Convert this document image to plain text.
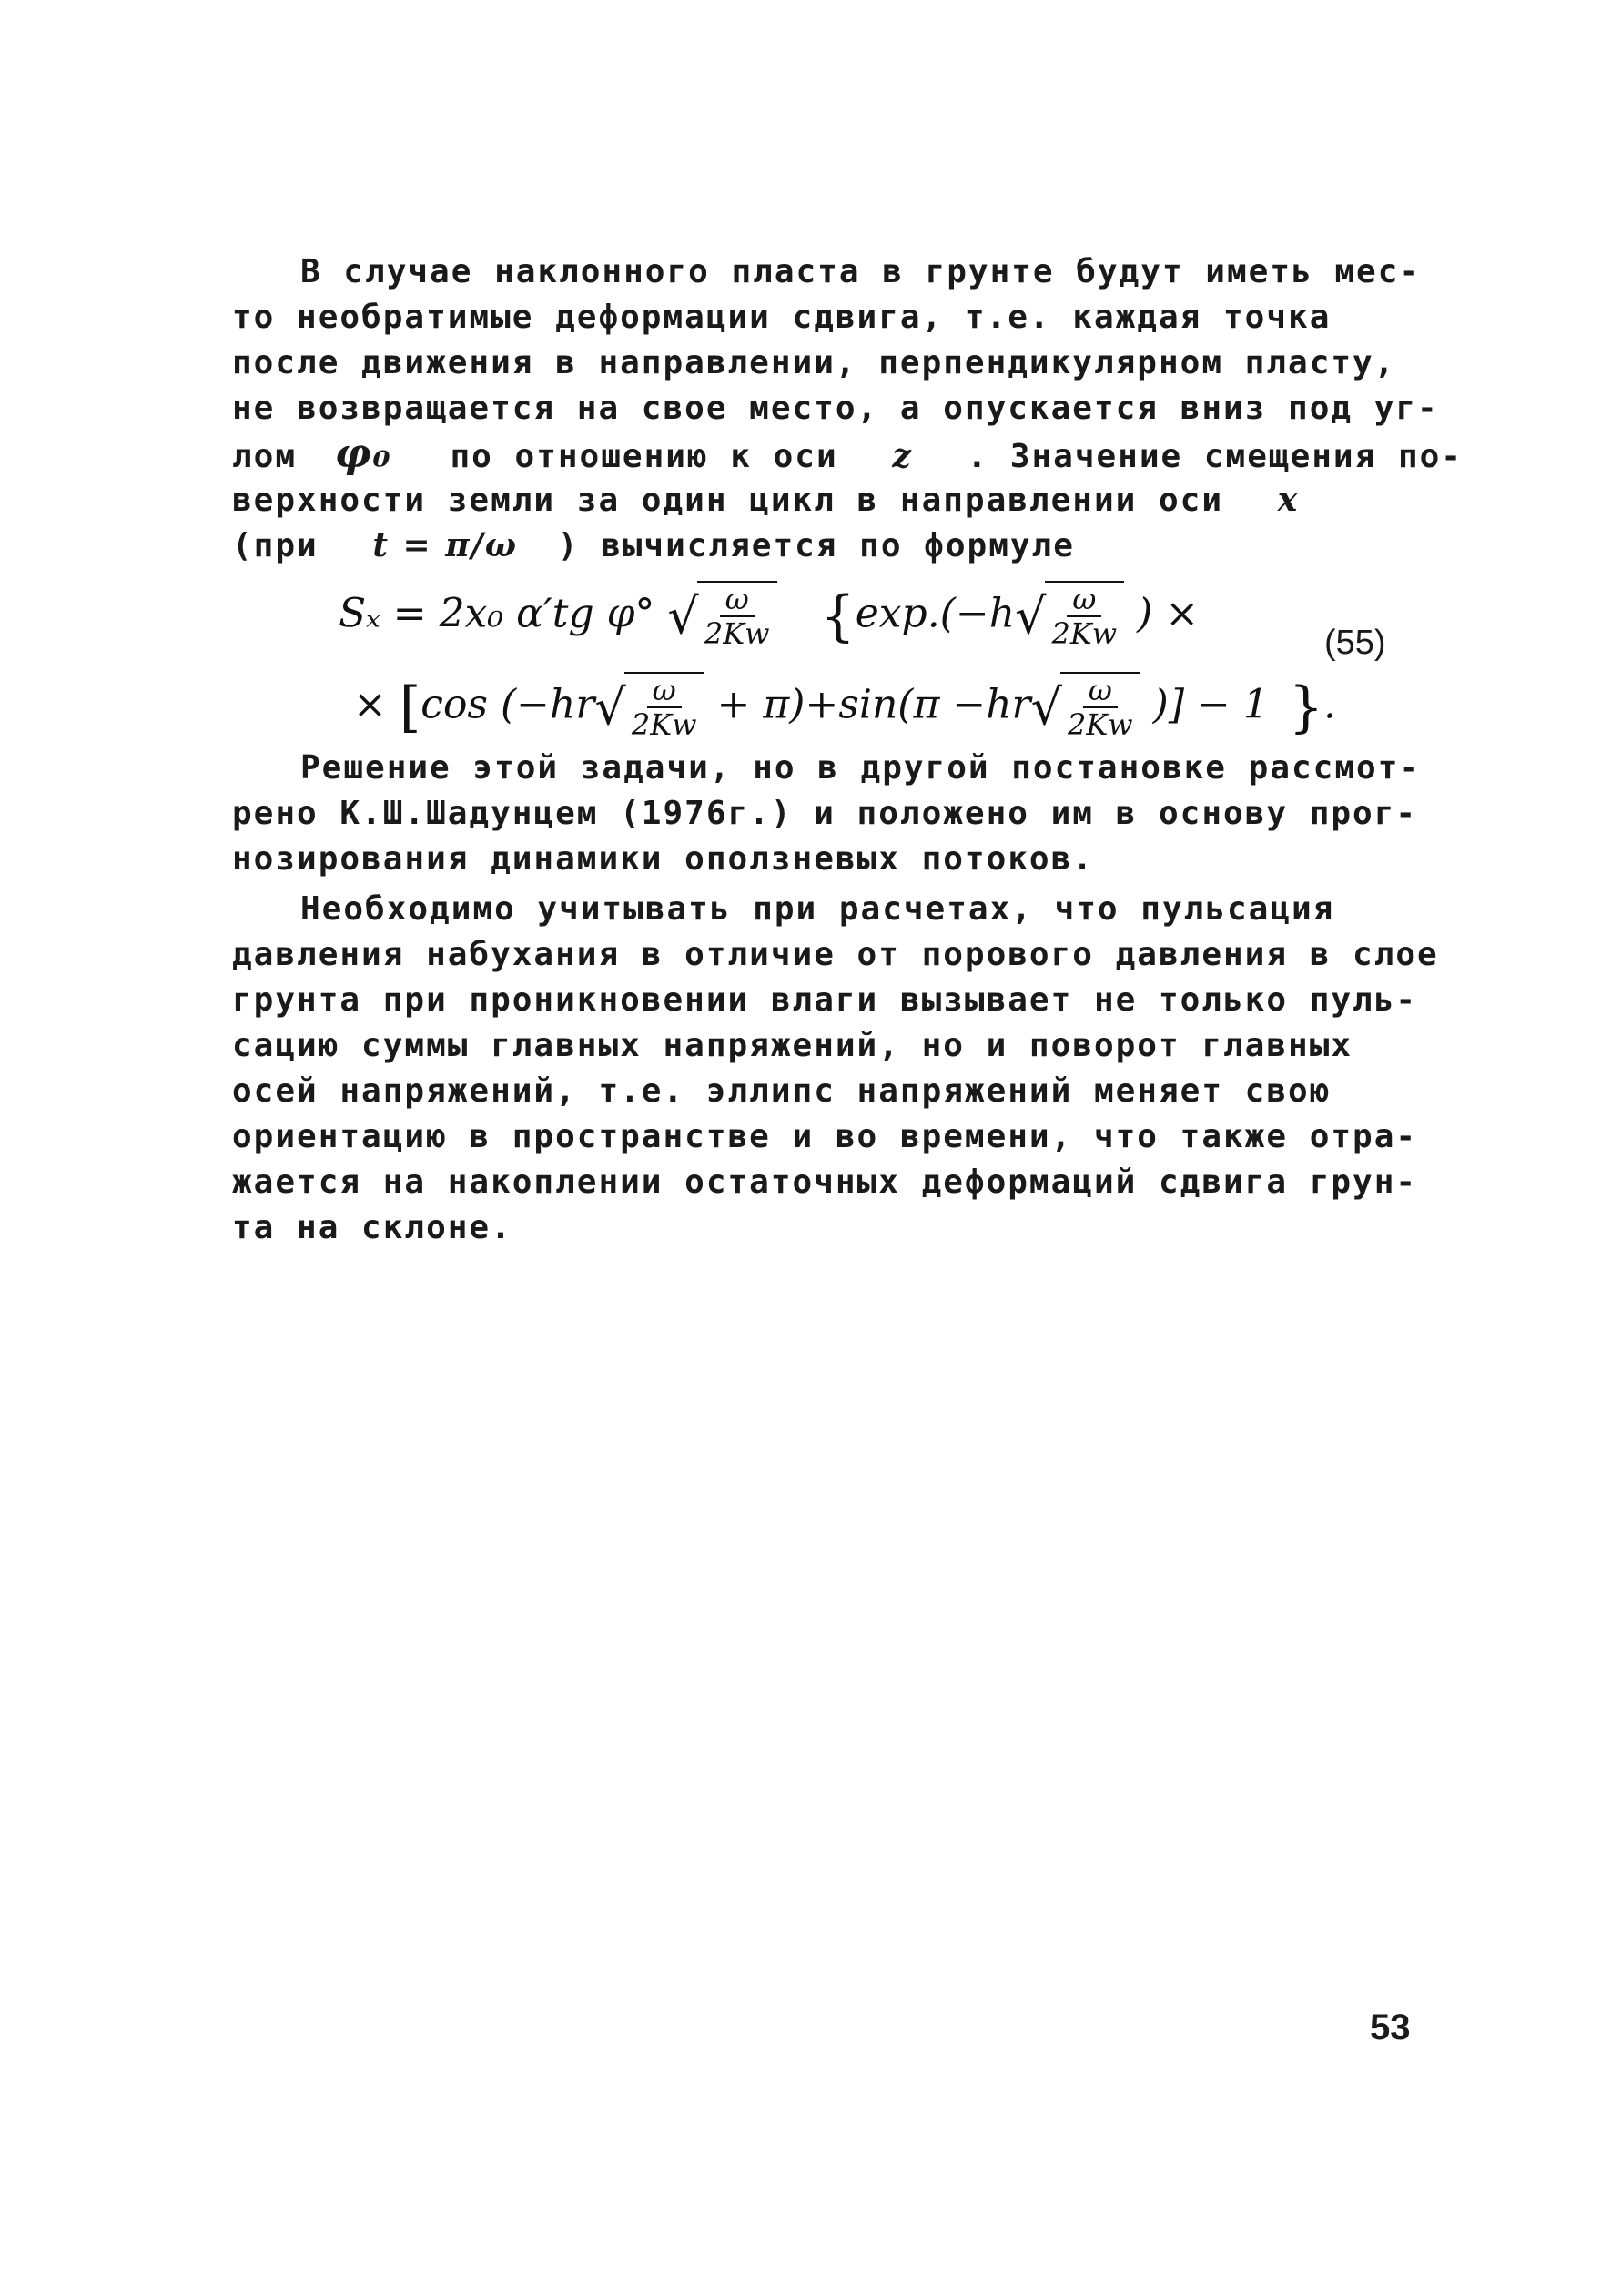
В случае наклонного пласта в грунте будут иметь мес-
то необратимые деформации сдвига, т.е. каждая точка
после движения в направлении, перпендикулярном пласту,
не возвращается на свое место, а опускается вниз под уг-
лом φ₀ по отношению к оси z . Значение смещения по-
верхности земли за один цикл в направлении оси x
(при t = π/ω ) вычисляется по формуле
Sₓ = 2x₀ α′tg φ° √ $\frac{\omega}{2Kw} \{\exp.(-h√ \frac{\omega}{2Kw}$ ) ×
× [cos $(-hr√ \frac{\omega}{2Kw} + \pi)+\sin(\pi -hr√ \frac{\omega}{2Kw}$ )] − 1 }.
(55)
Решение этой задачи, но в другой постановке рассмот-
рено К.Ш.Шадунцем (1976г.) и положено им в основу прог-
нозирования динамики оползневых потоков.
Необходимо учитывать при расчетах, что пульсация
давления набухания в отличие от порового давления в слое
грунта при проникновении влаги вызывает не только пуль-
сацию суммы главных напряжений, но и поворот главных
осей напряжений, т.е. эллипс напряжений меняет свою
ориентацию в пространстве и во времени, что также отра-
жается на накоплении остаточных деформаций сдвига грун-
та на склоне.
53
